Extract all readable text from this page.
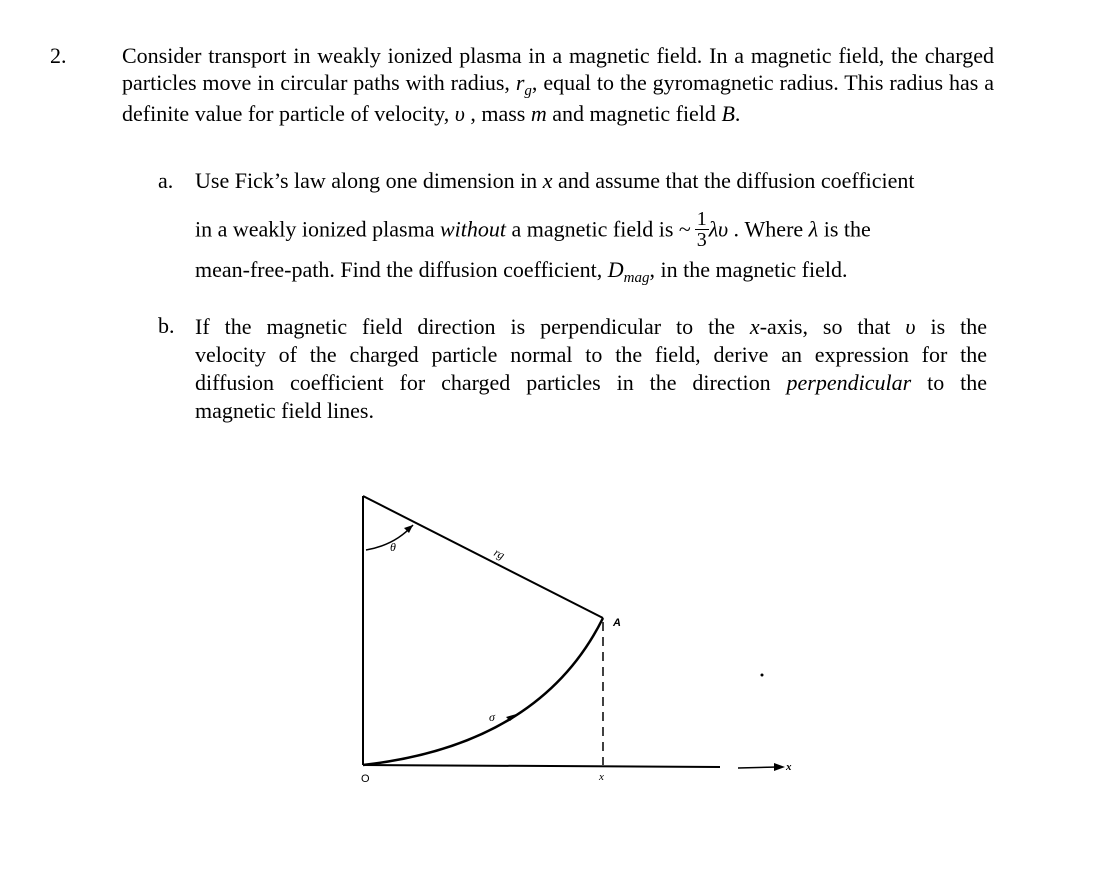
2.	Consider transport in weakly ionized plasma in a magnetic field. In a magnetic field, the charged particles move in circular paths with radius, $r_g$, equal to the gyromagnetic radius. This radius has a definite value for particle of velocity, υ , mass m and magnetic field B.
a. Use Fick’s law along one dimension in x and assume that the diffusion coefficient
in a weakly ionized plasma without a magnetic field is ~ $\frac{1}{3}$ λυ . Where λ is the
mean-free-path. Find the diffusion coefficient, $D_{mag}$, in the magnetic field.
b. If the magnetic field direction is perpendicular to the x-axis, so that υ is the
velocity of the charged particle normal to the field, derive an expression for the
diffusion coefficient for charged particles in the direction perpendicular to the
magnetic field lines.
θ	rg
A
σ
O	x
x
